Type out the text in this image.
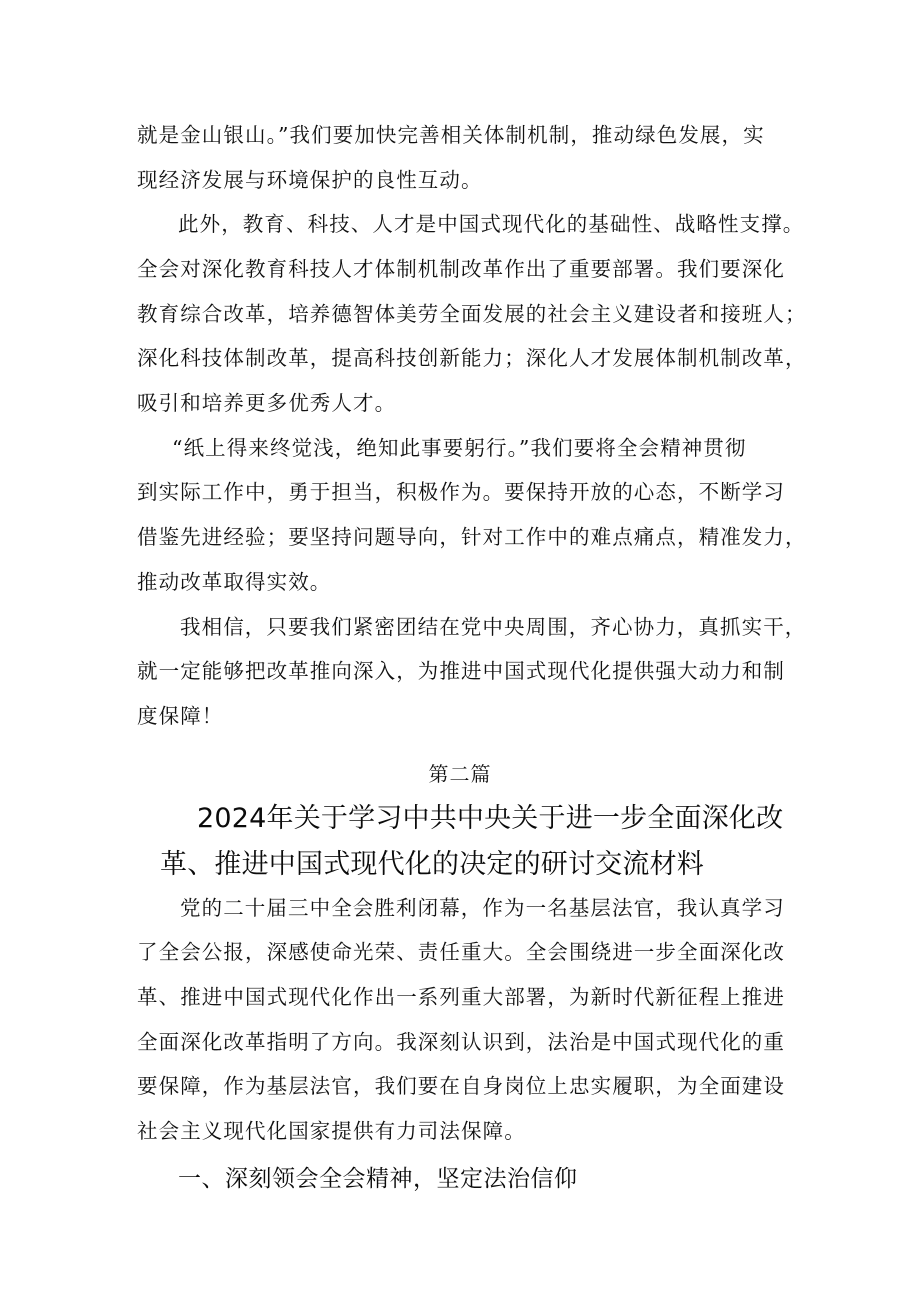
就是金山银山。”我们要加快完善相关体制机制，推动绿色发展，实
现经济发展与环境保护的良性互动。
此外，教育、科技、人才是中国式现代化的基础性、战略性支撑。
全会对深化教育科技人才体制机制改革作出了重要部署。我们要深化
教育综合改革，培养德智体美劳全面发展的社会主义建设者和接班人；
深化科技体制改革，提高科技创新能力；深化人才发展体制机制改革，
吸引和培养更多优秀人才。
“纸上得来终觉浅，绝知此事要躬行。”我们要将全会精神贯彻
到实际工作中，勇于担当，积极作为。要保持开放的心态，不断学习
借鉴先进经验；要坚持问题导向，针对工作中的难点痛点，精准发力，
推动改革取得实效。
我相信，只要我们紧密团结在党中央周围，齐心协力，真抓实干，
就一定能够把改革推向深入，为推进中国式现代化提供强大动力和制
度保障！
第二篇
2024年关于学习中共中央关于进一步全面深化改
革、推进中国式现代化的决定的研讨交流材料
党的二十届三中全会胜利闭幕，作为一名基层法官，我认真学习
了全会公报，深感使命光荣、责任重大。全会围绕进一步全面深化改
革、推进中国式现代化作出一系列重大部署，为新时代新征程上推进
全面深化改革指明了方向。我深刻认识到，法治是中国式现代化的重
要保障，作为基层法官，我们要在自身岗位上忠实履职，为全面建设
社会主义现代化国家提供有力司法保障。
一、深刻领会全会精神，坚定法治信仰
